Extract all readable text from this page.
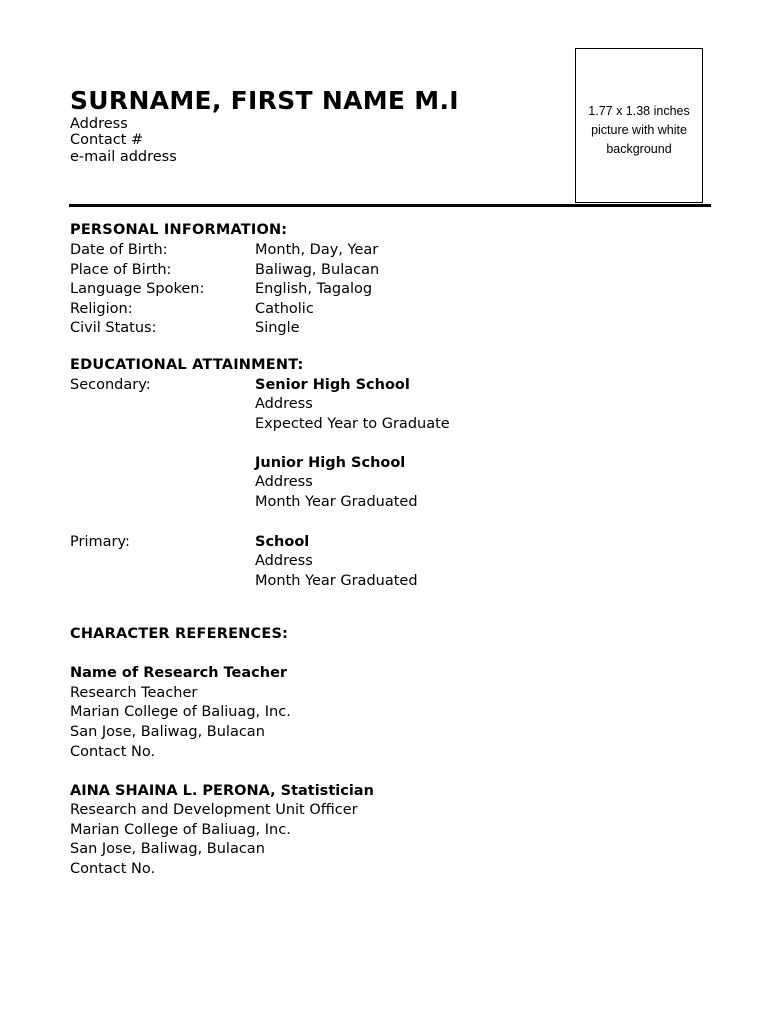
SURNAME, FIRST NAME M.I
Address
Contact #
e-mail address
1.77 x 1.38 inches picture with white background
PERSONAL INFORMATION:
Date of Birth:	Month, Day, Year
Place of Birth:	Baliwag, Bulacan
Language Spoken:	English, Tagalog
Religion:	Catholic
Civil Status:	Single
EDUCATIONAL ATTAINMENT:
Secondary:	Senior High School
Address
Expected Year to Graduate
Junior High School
Address
Month Year Graduated
Primary:	School
Address
Month Year Graduated
CHARACTER REFERENCES:
Name of Research Teacher
Research Teacher
Marian College of Baliuag, Inc.
San Jose, Baliwag, Bulacan
Contact No.
AINA SHAINA L. PERONA, Statistician
Research and Development Unit Officer
Marian College of Baliuag, Inc.
San Jose, Baliwag, Bulacan
Contact No.
